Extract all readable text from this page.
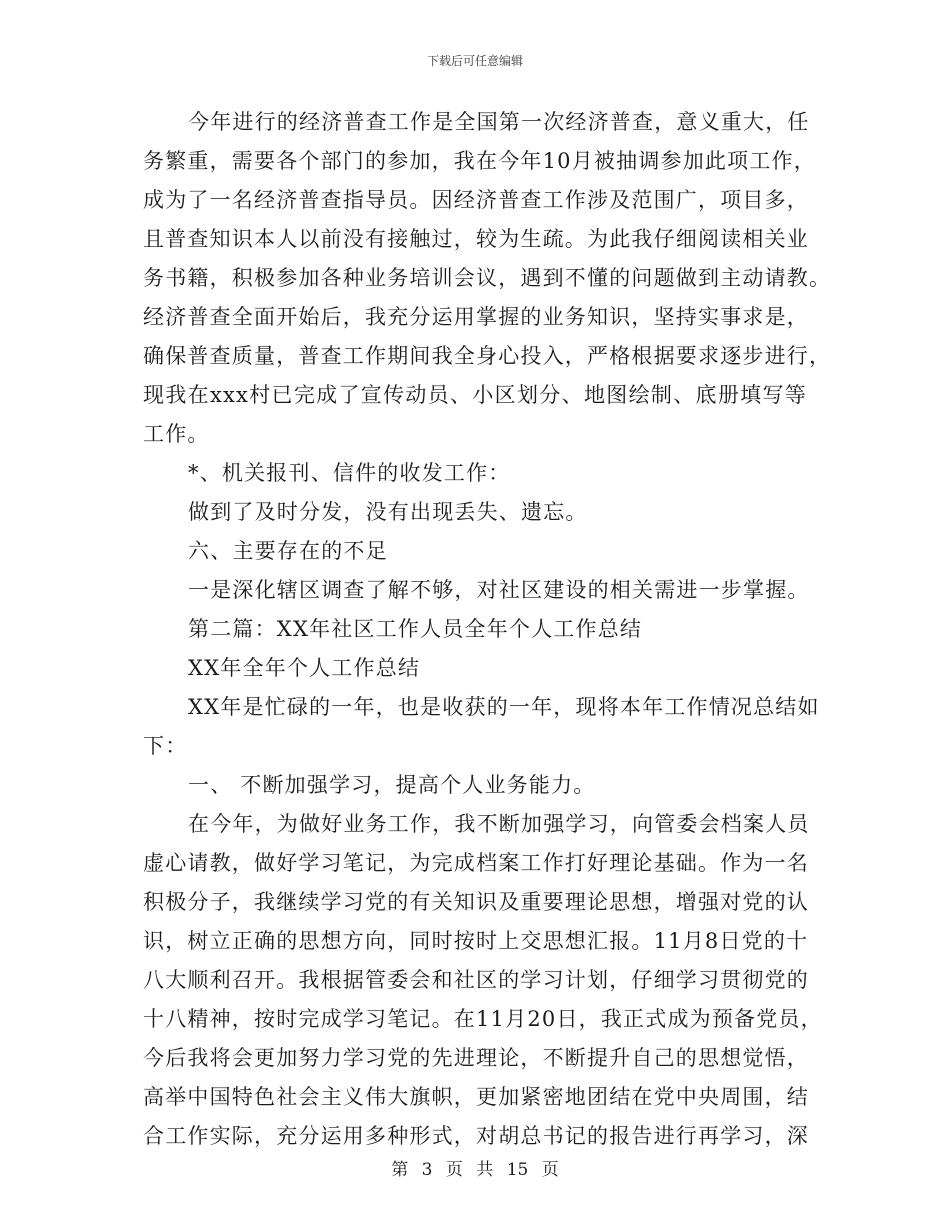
下载后可任意编辑
今年进行的经济普查工作是全国第一次经济普查，意义重大，任
务繁重，需要各个部门的参加，我在今年10月被抽调参加此项工作，
成为了一名经济普查指导员。因经济普查工作涉及范围广，项目多，
且普查知识本人以前没有接触过，较为生疏。为此我仔细阅读相关业
务书籍，积极参加各种业务培训会议，遇到不懂的问题做到主动请教。
经济普查全面开始后，我充分运用掌握的业务知识，坚持实事求是，
确保普查质量，普查工作期间我全身心投入，严格根据要求逐步进行，
现我在xxx村已完成了宣传动员、小区划分、地图绘制、底册填写等
工作。
*、机关报刊、信件的收发工作：
做到了及时分发，没有出现丢失、遗忘。
六、主要存在的不足
一是深化辖区调查了解不够，对社区建设的相关需进一步掌握。
第二篇：XX年社区工作人员全年个人工作总结
XX年全年个人工作总结
XX年是忙碌的一年，也是收获的一年，现将本年工作情况总结如
下：
一、 不断加强学习，提高个人业务能力。
在今年，为做好业务工作，我不断加强学习，向管委会档案人员
虚心请教，做好学习笔记，为完成档案工作打好理论基础。作为一名
积极分子，我继续学习党的有关知识及重要理论思想，增强对党的认
识，树立正确的思想方向，同时按时上交思想汇报。11月8日党的十
八大顺利召开。我根据管委会和社区的学习计划，仔细学习贯彻党的
十八精神，按时完成学习笔记。在11月20日，我正式成为预备党员，
今后我将会更加努力学习党的先进理论，不断提升自己的思想觉悟，
高举中国特色社会主义伟大旗帜，更加紧密地团结在党中央周围，结
合工作实际，充分运用多种形式，对胡总书记的报告进行再学习，深
第 3 页 共 15 页
